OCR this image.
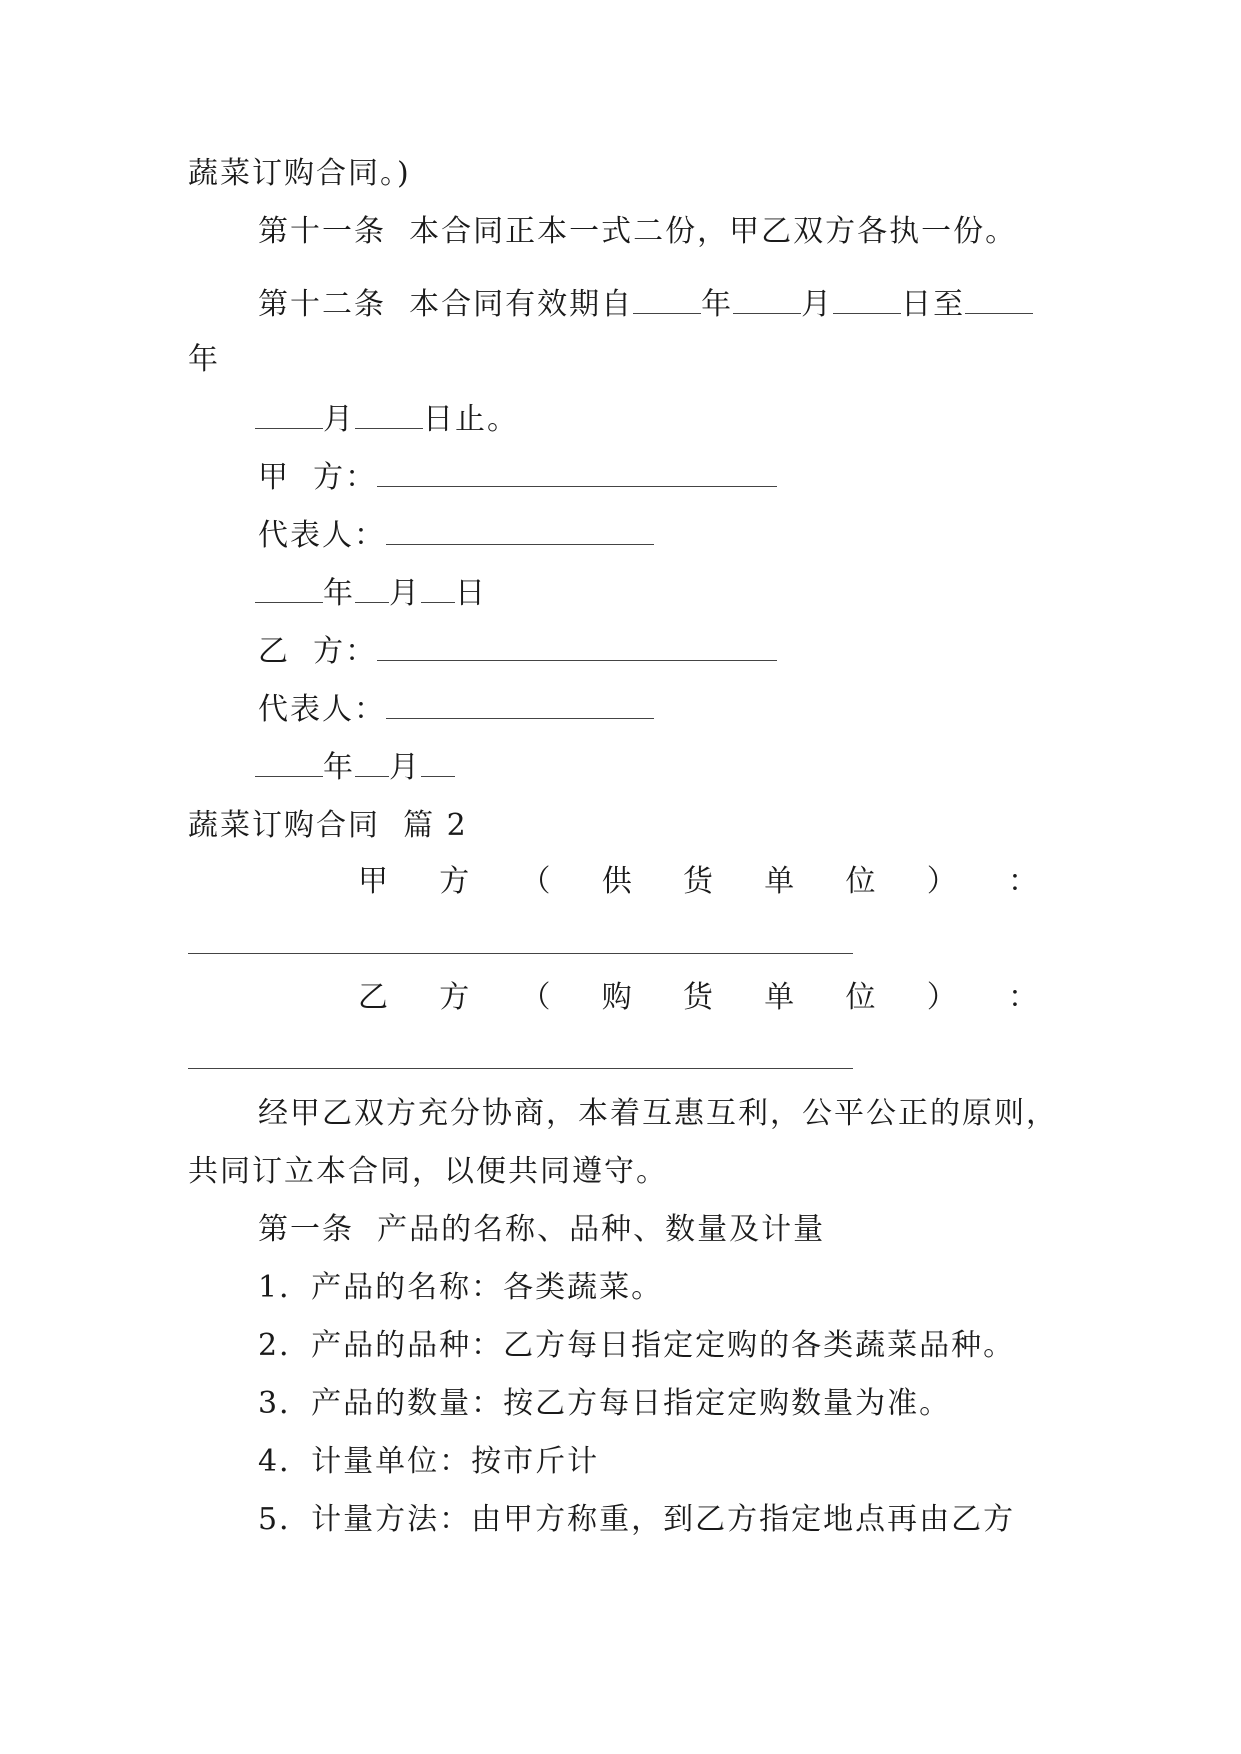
蔬菜订购合同。)
第十一条  本合同正本一式二份，甲乙双方各执一份。
第十二条  本合同有效期自 年 月 日至
年
月 日止。
甲  方：
代表人：
年 月 日
乙  方：
代表人：
年 月
蔬菜订购合同  篇 2
甲 方 （ 供 货 单 位 ） ：
乙 方 （ 购 货 单 位 ） ：
经甲乙双方充分协商，本着互惠互利，公平公正的原则，
共同订立本合同，以便共同遵守。
第一条  产品的名称、品种、数量及计量
1．产品的名称：各类蔬菜。
2．产品的品种：乙方每日指定定购的各类蔬菜品种。
3．产品的数量：按乙方每日指定定购数量为准。
4．计量单位：按市斤计
5．计量方法：由甲方称重，到乙方指定地点再由乙方
